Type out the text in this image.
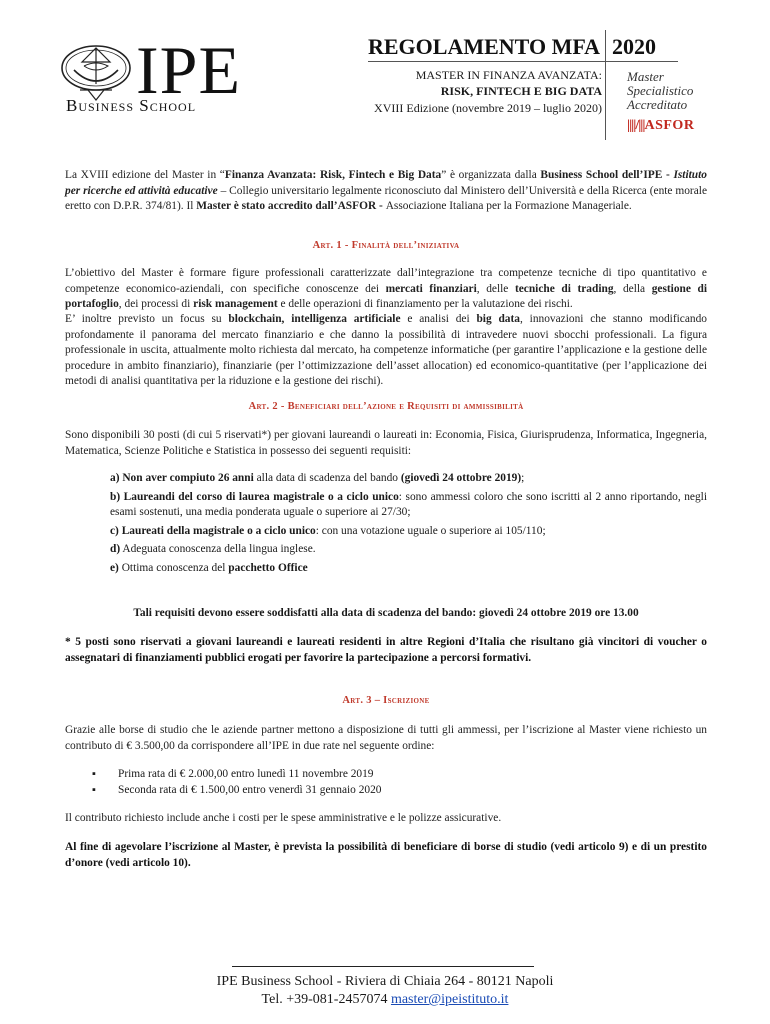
IPE
Business School
REGOLAMENTO MFA 2020
MASTER IN FINANZA AVANZATA:
RISK, FINTECH E BIG DATA
XVIII Edizione (novembre 2019 – luglio 2020)
Master
Specialistico
Accreditato
||||/|||ASFOR
La XVIII edizione del Master in “Finanza Avanzata: Risk, Fintech e Big Data” è organizzata dalla Business School dell’IPE - Istituto per ricerche ed attività educative – Collegio universitario legalmente riconosciuto dal Ministero dell’Università e della Ricerca (ente morale eretto con D.P.R. 374/81). Il Master è stato accredito dall’ASFOR - Associazione Italiana per la Formazione Manageriale.
Art. 1 - Finalità dell’iniziativa
L’obiettivo del Master è formare figure professionali caratterizzate dall’integrazione tra competenze tecniche di tipo quantitativo e competenze economico-aziendali, con specifiche conoscenze dei mercati finanziari, delle tecniche di trading, della gestione di portafoglio, dei processi di risk management e delle operazioni di finanziamento per la valutazione dei rischi.
E’ inoltre previsto un focus su blockchain, intelligenza artificiale e analisi dei big data, innovazioni che stanno modificando profondamente il panorama del mercato finanziario e che danno la possibilità di intravedere nuovi sbocchi professionali. La figura professionale in uscita, attualmente molto richiesta dal mercato, ha competenze informatiche (per garantire l’applicazione e la gestione delle procedure in ambito finanziario), finanziarie (per l’ottimizzazione dell’asset allocation) ed economico-quantitative (per l’applicazione dei metodi di analisi quantitativa per la riduzione e la gestione dei rischi).
Art. 2 - Beneficiari dell’azione e Requisiti di ammissibilità
Sono disponibili 30 posti (di cui 5 riservati*) per giovani laureandi o laureati in: Economia, Fisica, Giurisprudenza, Informatica, Ingegneria, Matematica, Scienze Politiche e Statistica in possesso dei seguenti requisiti:
a) Non aver compiuto 26 anni alla data di scadenza del bando (giovedì 24 ottobre 2019);
b) Laureandi del corso di laurea magistrale o a ciclo unico: sono ammessi coloro che sono iscritti al 2 anno riportando, negli esami sostenuti, una media ponderata uguale o superiore ai 27/30;
c) Laureati della magistrale o a ciclo unico: con una votazione uguale o superiore ai 105/110;
d) Adeguata conoscenza della lingua inglese.
e) Ottima conoscenza del pacchetto Office
Tali requisiti devono essere soddisfatti alla data di scadenza del bando: giovedì 24 ottobre 2019 ore 13.00
* 5 posti sono riservati a giovani laureandi e laureati residenti in altre Regioni d’Italia che risultano già vincitori di voucher o assegnatari di finanziamenti pubblici erogati per favorire la partecipazione a percorsi formativi.
Art. 3 – Iscrizione
Grazie alle borse di studio che le aziende partner mettono a disposizione di tutti gli ammessi, per l’iscrizione al Master viene richiesto un contributo di € 3.500,00 da corrispondere all’IPE in due rate nel seguente ordine:
▪ Prima rata di € 2.000,00 entro lunedì 11 novembre 2019
▪ Seconda rata di € 1.500,00 entro venerdì 31 gennaio 2020
Il contributo richiesto include anche i costi per le spese amministrative e le polizze assicurative.
Al fine di agevolare l’iscrizione al Master, è prevista la possibilità di beneficiare di borse di studio (vedi articolo 9) e di un prestito d’onore (vedi articolo 10).
IPE Business School - Riviera di Chiaia 264 - 80121 Napoli
Tel. +39-081-2457074 master@ipeistituto.it
